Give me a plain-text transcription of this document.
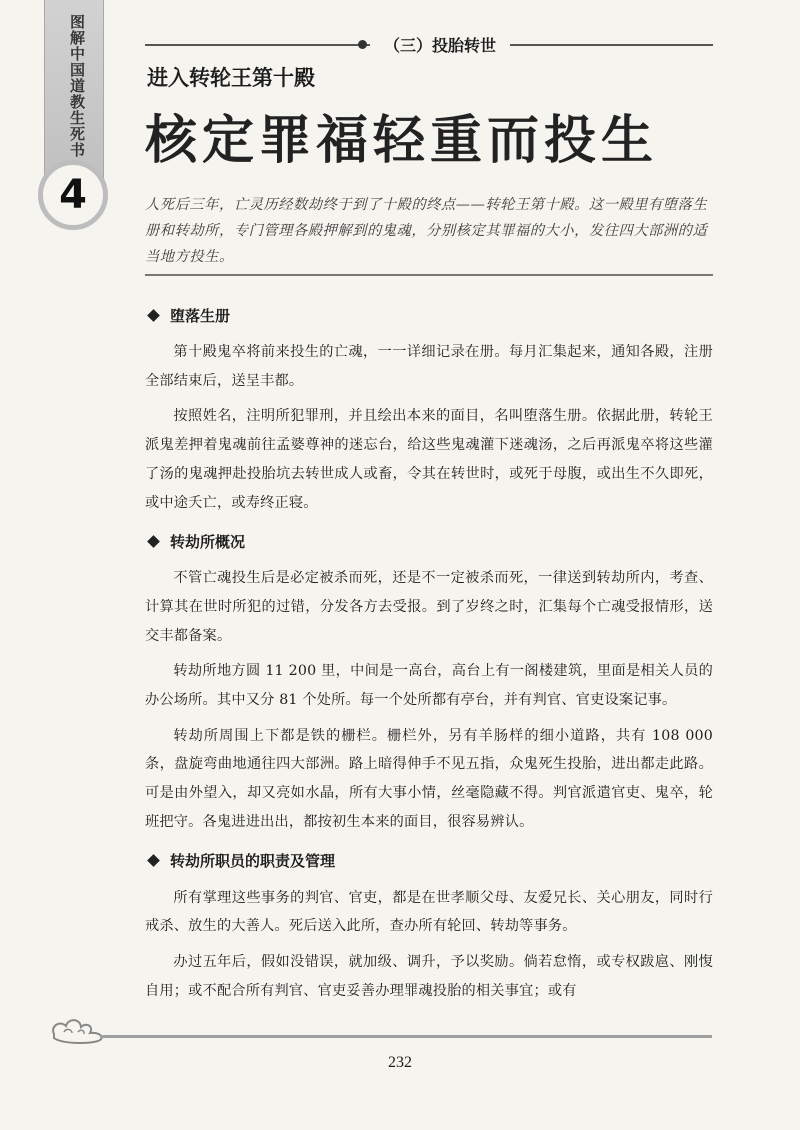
图解中国道教生死书
4
（三）投胎转世
进入转轮王第十殿
核定罪福轻重而投生
人死后三年，亡灵历经数劫终于到了十殿的终点——转轮王第十殿。这一殿里有堕落生册和转劫所，专门管理各殿押解到的鬼魂，分别核定其罪福的大小，发往四大部洲的适当地方投生。
堕落生册

第十殿鬼卒将前来投生的亡魂，一一详细记录在册。每月汇集起来，通知各殿，注册全部结束后，送呈丰都。

按照姓名，注明所犯罪刑，并且绘出本来的面目，名叫堕落生册。依据此册，转轮王派鬼差押着鬼魂前往孟婆尊神的迷忘台，给这些鬼魂灌下迷魂汤，之后再派鬼卒将这些灌了汤的鬼魂押赴投胎坑去转世成人或畜，令其在转世时，或死于母腹，或出生不久即死，或中途夭亡，或寿终正寝。

转劫所概况

不管亡魂投生后是必定被杀而死，还是不一定被杀而死，一律送到转劫所内，考查、计算其在世时所犯的过错，分发各方去受报。到了岁终之时，汇集每个亡魂受报情形，送交丰都备案。

转劫所地方圆 11 200 里，中间是一高台，高台上有一阁楼建筑，里面是相关人员的办公场所。其中又分 81 个处所。每一个处所都有亭台，并有判官、官吏设案记事。

转劫所周围上下都是铁的栅栏。栅栏外，另有羊肠样的细小道路，共有 108 000 条，盘旋弯曲地通往四大部洲。路上暗得伸手不见五指，众鬼死生投胎，进出都走此路。可是由外望入，却又亮如水晶，所有大事小情，丝毫隐藏不得。判官派遣官吏、鬼卒，轮班把守。各鬼进进出出，都按初生本来的面目，很容易辨认。

转劫所职员的职责及管理

所有掌理这些事务的判官、官吏，都是在世孝顺父母、友爱兄长、关心朋友，同时行戒杀、放生的大善人。死后送入此所，查办所有轮回、转劫等事务。

办过五年后，假如没错误，就加级、调升，予以奖励。倘若怠惰，或专权跋扈、刚愎自用；或不配合所有判官、官吏妥善办理罪魂投胎的相关事宜；或有

232
